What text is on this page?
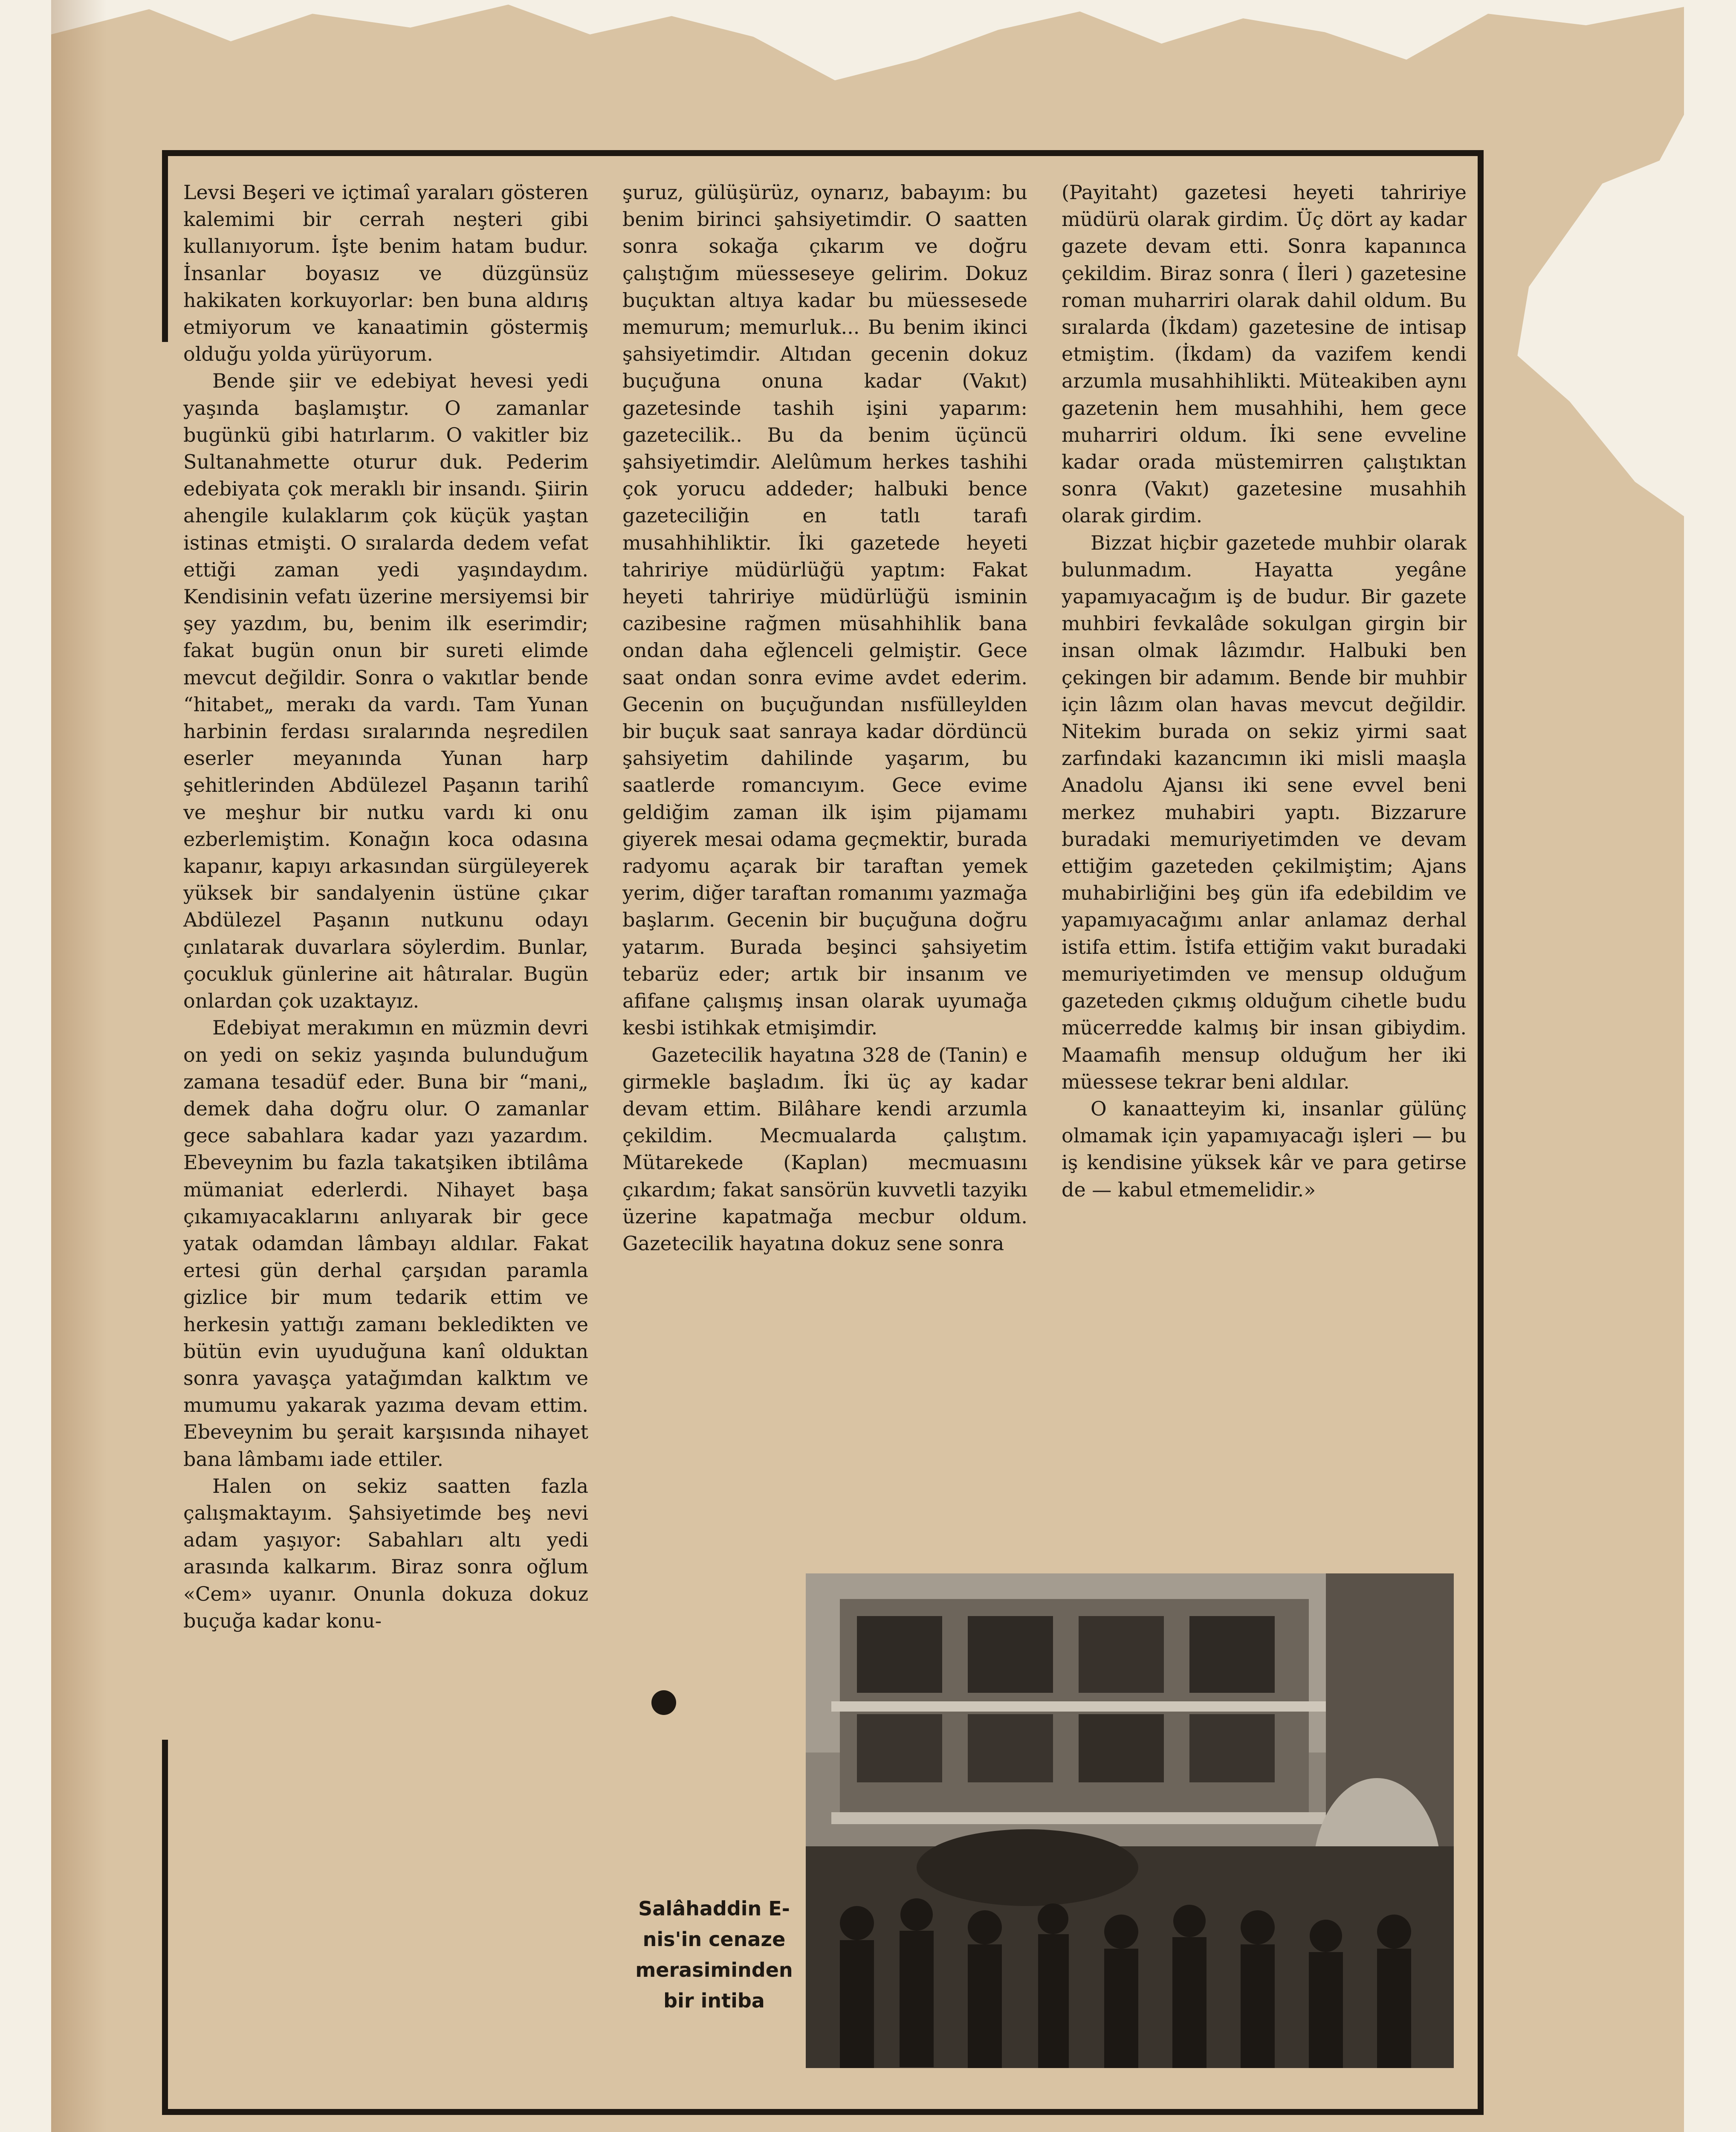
Levsi Beşeri ve içtimaî yaraları gösteren kalemimi bir cerrah neşteri gibi kullanıyorum. İşte benim hatam budur. İnsanlar boyasız ve düzgünsüz hakikaten korkuyorlar: ben buna aldırış etmiyorum ve kanaatimin göstermiş olduğu yolda yürüyorum.

Bende şiir ve edebiyat hevesi yedi yaşında başlamıştır. O zamanlar bugünkü gibi hatırlarım. O vakitler biz Sultanahmette oturur duk. Pederim edebiyata çok meraklı bir insandı. Şiirin ahengile kulaklarım çok küçük yaştan istinas etmişti. O sıralarda dedem vefat ettiği zaman yedi yaşındaydım. Kendisinin vefatı üzerine mersiyemsi bir şey yazdım, bu, benim ilk eserimdir; fakat bugün onun bir sureti elimde mevcut değildir. Sonra o vakıtlar bende “hitabet„ merakı da vardı. Tam Yunan harbinin ferdası sıralarında neşredilen eserler meyanında Yunan harp şehitlerinden Abdülezel Paşanın tarihî ve meşhur bir nutku vardı ki onu ezberlemiştim. Konağın koca odasına kapanır, kapıyı arkasından sürgüleyerek yüksek bir sandalyenin üstüne çıkar Abdülezel Paşanın nutkunu odayı çınlatarak duvarlara söylerdim. Bunlar, çocukluk günlerine ait hâtıralar. Bugün onlardan çok uzaktayız.

Edebiyat merakımın en müzmin devri on yedi on sekiz yaşında bulunduğum zamana tesadüf eder. Buna bir “mani„ demek daha doğru olur. O zamanlar gece sabahlara kadar yazı yazardım. Ebeveynim bu fazla takatşiken ibtilâma mümaniat ederlerdi. Nihayet başa çıkamıyacaklarını anlıyarak bir gece yatak odamdan lâmbayı aldılar. Fakat ertesi gün derhal çarşıdan paramla gizlice bir mum tedarik ettim ve herkesin yattığı zamanı bekledikten ve bütün evin uyuduğuna kanî olduktan sonra yavaşça yatağımdan kalktım ve mumumu yakarak yazıma devam ettim. Ebeveynim bu şerait karşısında nihayet bana lâmbamı iade ettiler.

Halen on sekiz saatten fazla çalışmaktayım. Şahsiyetimde beş nevi adam yaşıyor: Sabahları altı yedi arasında kalkarım. Biraz sonra oğlum «Cem» uyanır. Onunla dokuza dokuz buçuğa kadar konu-

şuruz, gülüşürüz, oynarız, babayım: bu benim birinci şahsiyetimdir. O saatten sonra sokağa çıkarım ve doğru çalıştığım müesseseye gelirim. Dokuz buçuktan altıya kadar bu müessesede memurum; memurluk... Bu benim ikinci şahsiyetimdir. Altıdan gecenin dokuz buçuğuna onuna kadar (Vakıt) gazetesinde tashih işini yaparım: gazetecilik.. Bu da benim üçüncü şahsiyetimdir. Alelûmum herkes tashihi çok yorucu addeder; halbuki bence gazeteciliğin en tatlı tarafı musahhihliktir. İki gazetede heyeti tahririye müdürlüğü yaptım: Fakat heyeti tahririye müdürlüğü isminin cazibesine rağmen müsahhihlik bana ondan daha eğlenceli gelmiştir. Gece saat ondan sonra evime avdet ederim. Gecenin on buçuğundan nısfülleylden bir buçuk saat sanraya kadar dördüncü şahsiyetim dahilinde yaşarım, bu saatlerde romancıyım. Gece evime geldiğim zaman ilk işim pijamamı giyerek mesai odama geçmektir, burada radyomu açarak bir taraftan yemek yerim, diğer taraftan romanımı yazmağa başlarım. Gecenin bir buçuğuna doğru yatarım. Burada beşinci şahsiyetim tebarüz eder; artık bir insanım ve afifane çalışmış insan olarak uyumağa kesbi istihkak etmişimdir.

Gazetecilik hayatına 328 de (Tanin) e girmekle başladım. İki üç ay kadar devam ettim. Bilâhare kendi arzumla çekildim. Mecmualarda çalıştım. Mütarekede (Kaplan) mecmuasını çıkardım; fakat sansörün kuvvetli tazyikı üzerine kapatmağa mecbur oldum. Gazetecilik hayatına dokuz sene sonra

(Payitaht) gazetesi heyeti tahririye müdürü olarak girdim. Üç dört ay kadar gazete devam etti. Sonra kapanınca çekildim. Biraz sonra ( İleri ) gazetesine roman muharriri olarak dahil oldum. Bu sıralarda (İkdam) gazetesine de intisap etmiştim. (İkdam) da vazifem kendi arzumla musahhihlikti. Müteakiben aynı gazetenin hem musahhihi, hem gece muharriri oldum. İki sene evveline kadar orada müstemirren çalıştıktan sonra (Vakıt) gazetesine musahhih olarak girdim.

Bizzat hiçbir gazetede muhbir olarak bulunmadım. Hayatta yegâne yapamıyacağım iş de budur. Bir gazete muhbiri fevkalâde sokulgan girgin bir insan olmak lâzımdır. Halbuki ben çekingen bir adamım. Bende bir muhbir için lâzım olan havas mevcut değildir. Nitekim burada on sekiz yirmi saat zarfındaki kazancımın iki misli maaşla Anadolu Ajansı iki sene evvel beni merkez muhabiri yaptı. Bizzarure buradaki memuriyetimden ve devam ettiğim gazeteden çekilmiştim; Ajans muhabirliğini beş gün ifa edebildim ve yapamıyacağımı anlar anlamaz derhal istifa ettim. İstifa ettiğim vakıt buradaki memuriyetimden ve mensup olduğum gazeteden çıkmış olduğum cihetle budu mücerredde kalmış bir insan gibiydim. Maamafih mensup olduğum her iki müessese tekrar beni aldılar.

O kanaatteyim ki, insanlar gülünç olmamak için yapamıyacağı işleri — bu iş kendisine yüksek kâr ve para getirse de — kabul etmemelidir.»

Salâhaddin E-nis'in cenaze merasiminden bir intiba
